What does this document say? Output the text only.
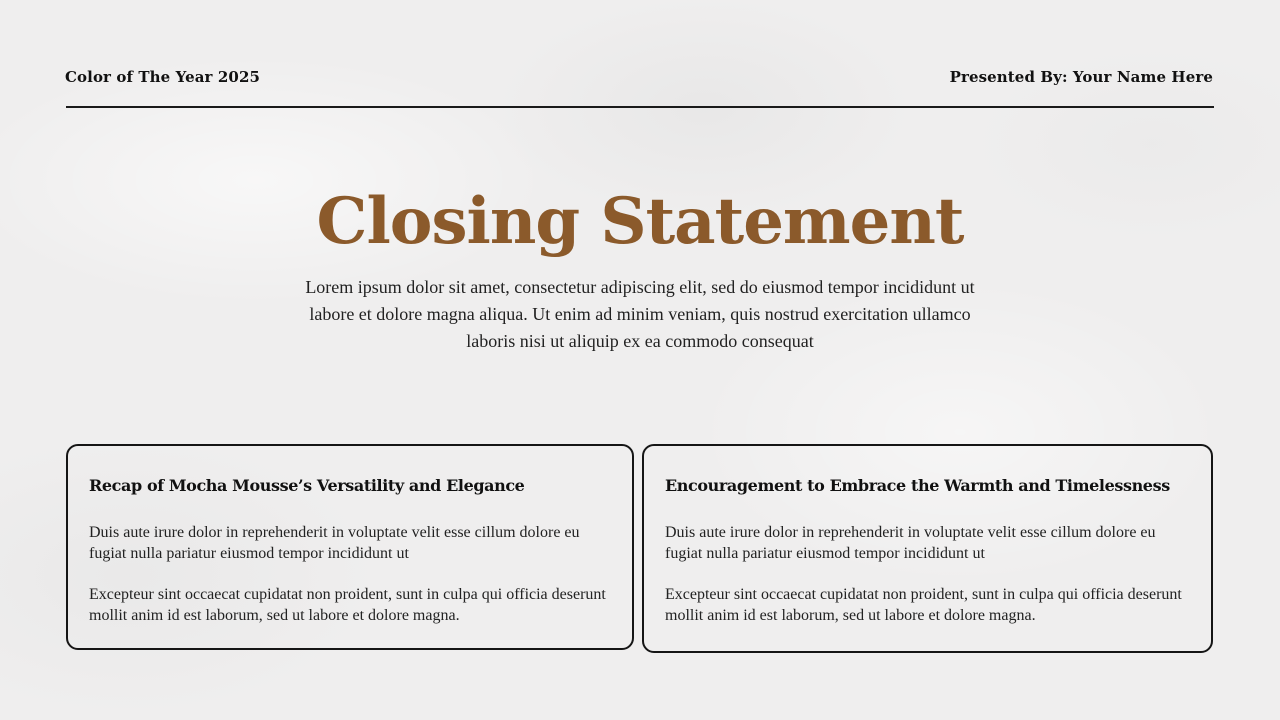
Color of The Year 2025	Presented By: Your Name Here
Closing Statement
Lorem ipsum dolor sit amet, consectetur adipiscing elit, sed do eiusmod tempor incididunt ut labore et dolore magna aliqua. Ut enim ad minim veniam, quis nostrud exercitation ullamco laboris nisi ut aliquip ex ea commodo consequat
Recap of Mocha Mousse’s Versatility and Elegance
Duis aute irure dolor in reprehenderit in voluptate velit esse cillum dolore eu fugiat nulla pariatur eiusmod tempor incididunt ut
Excepteur sint occaecat cupidatat non proident, sunt in culpa qui officia deserunt mollit anim id est laborum, sed ut labore et dolore magna.
Encouragement to Embrace the Warmth and Timelessness
Duis aute irure dolor in reprehenderit in voluptate velit esse cillum dolore eu fugiat nulla pariatur eiusmod tempor incididunt ut
Excepteur sint occaecat cupidatat non proident, sunt in culpa qui officia deserunt mollit anim id est laborum, sed ut labore et dolore magna.
